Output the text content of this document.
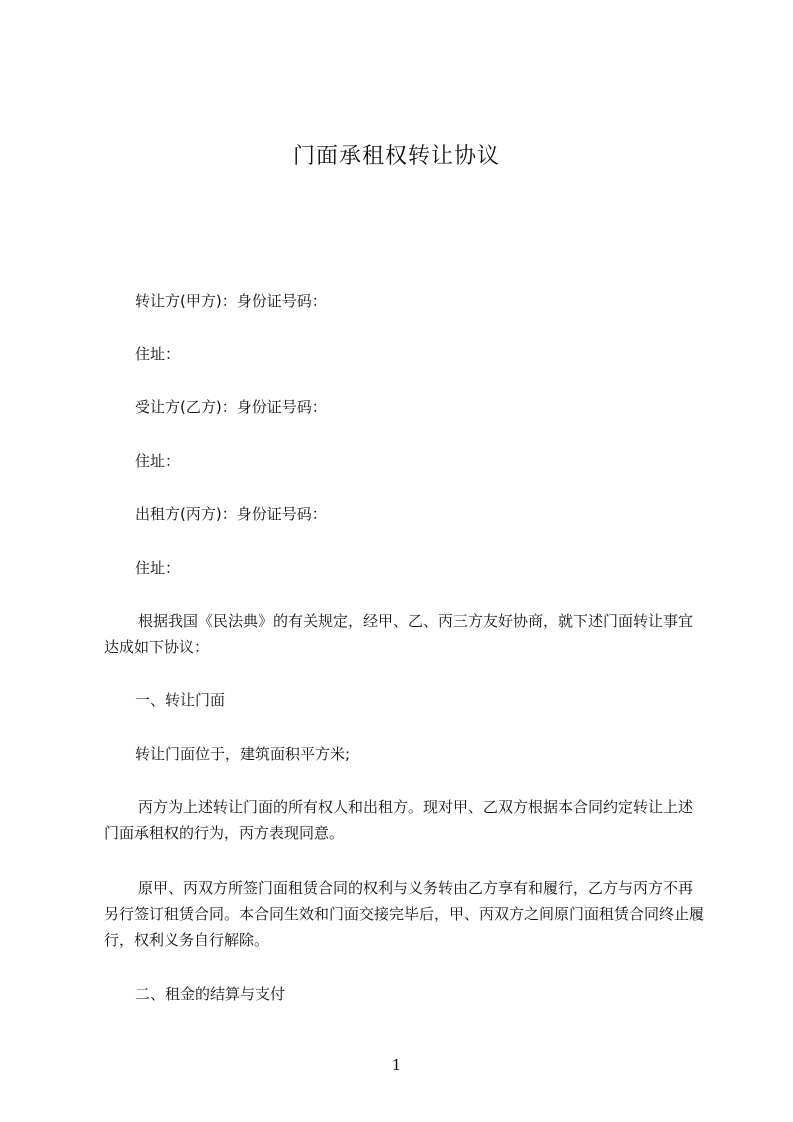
门面承租权转让协议
转让方(甲方)：身份证号码：
住址：
受让方(乙方)：身份证号码：
住址：
出租方(丙方)：身份证号码：
住址：
根据我国《民法典》的有关规定，经甲、乙、丙三方友好协商，就下述门面转让事宜达成如下协议：
一、转让门面
转让门面位于，建筑面积平方米;
丙方为上述转让门面的所有权人和出租方。现对甲、乙双方根据本合同约定转让上述门面承租权的行为，丙方表现同意。
原甲、丙双方所签门面租赁合同的权利与义务转由乙方享有和履行，乙方与丙方不再另行签订租赁合同。本合同生效和门面交接完毕后，甲、丙双方之间原门面租赁合同终止履行，权利义务自行解除。
二、租金的结算与支付
1
